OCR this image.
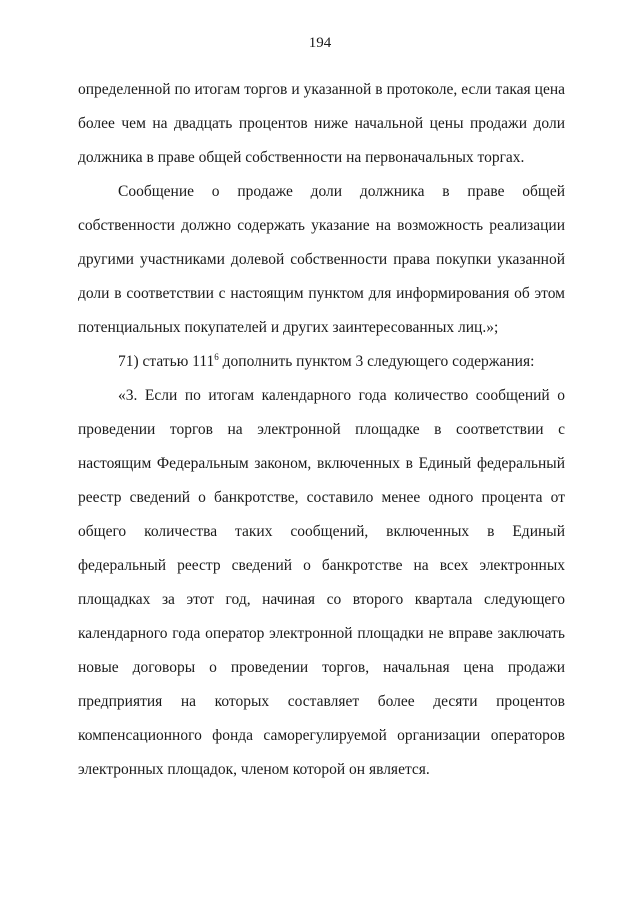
194

определенной по итогам торгов и указанной в протоколе, если такая цена более чем на двадцать процентов ниже начальной цены продажи доли должника в праве общей собственности на первоначальных торгах.

Сообщение о продаже доли должника в праве общей собственности должно содержать указание на возможность реализации другими участниками долевой собственности права покупки указанной доли в соответствии с настоящим пунктом для информирования об этом потенциальных покупателей и других заинтересованных лиц.»;

71) статью $111^6$ дополнить пунктом 3 следующего содержания:

«3. Если по итогам календарного года количество сообщений о проведении торгов на электронной площадке в соответствии с настоящим Федеральным законом, включенных в Единый федеральный реестр сведений о банкротстве, составило менее одного процента от общего количества таких сообщений, включенных в Единый федеральный реестр сведений о банкротстве на всех электронных площадках за этот год, начиная со второго квартала следующего календарного года оператор электронной площадки не вправе заключать новые договоры о проведении торгов, начальная цена продажи предприятия на которых составляет более десяти процентов компенсационного фонда саморегулируемой организации операторов электронных площадок, членом которой он является.
